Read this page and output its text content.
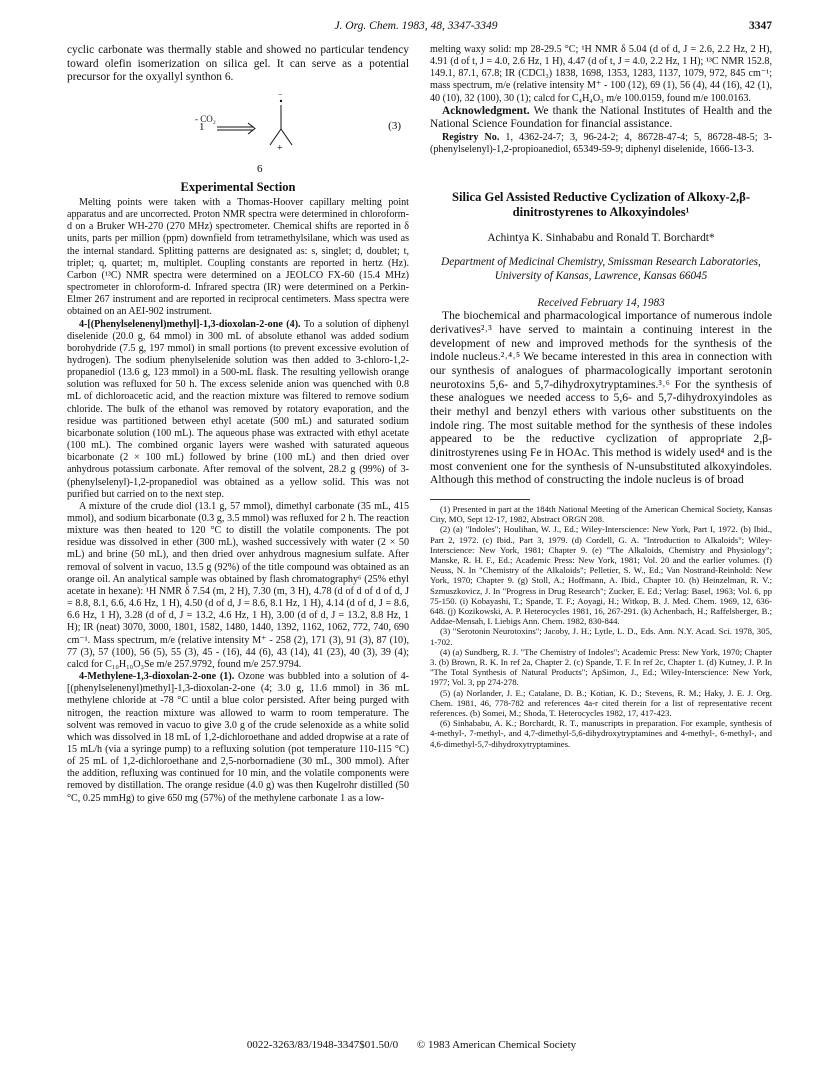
J. Org. Chem. 1983, 48, 3347-3349	3347

cyclic carbonate was thermally stable and showed no particular tendency toward olefin isomerization on silica gel. It can serve as a potential precursor for the oxyallyl synthon 6.

⁻
+
- CO₂
1	(3)
6
Experimental Section

Melting points were taken with a Thomas-Hoover capillary melting point apparatus and are uncorrected. Proton NMR spectra were determined in chloroform-d on a Bruker WH-270 (270 MHz) spectrometer. Chemical shifts are reported in δ units, parts per million (ppm) downfield from tetramethylsilane, which was used as the internal standard. Splitting patterns are designated as: s, singlet; d, doublet; t, triplet; q, quartet; m, multiplet. Coupling constants are reported in hertz (Hz). Carbon (¹³C) NMR spectra were determined on a JEOLCO FX-60 (15.4 MHz) spectrometer in chloroform-d. Infrared spectra (IR) were determined on a Perkin-Elmer 267 instrument and are reported in reciprocal centimeters. Mass spectra were obtained on an AEI-902 instrument.

4-[(Phenylselenenyl)methyl]-1,3-dioxolan-2-one (4). To a solution of diphenyl diselenide (20.0 g, 64 mmol) in 300 mL of absolute ethanol was added sodium borohydride (7.5 g, 197 mmol) in small portions (to prevent excessive evolution of hydrogen). The sodium phenylselenide solution was then added to 3-chloro-1,2-propanediol (13.6 g, 123 mmol) in a 500-mL flask. The resulting yellowish orange solution was refluxed for 50 h. The excess selenide anion was quenched with 0.8 mL of dichloroacetic acid, and the reaction mixture was filtered to remove sodium chloride. The bulk of the ethanol was removed by rotatory evaporation, and the residue was partitioned between ethyl acetate (500 mL) and saturated sodium bicarbonate solution (100 mL). The aqueous phase was extracted with ethyl acetate (100 mL). The combined organic layers were washed with saturated aqueous bicarbonate (2 × 100 mL) followed by brine (100 mL) and then dried over anhydrous potassium carbonate. After removal of the solvent, 28.2 g (99%) of 3-(phenylselenyl)-1,2-propanediol was obtained as a yellow solid. This was not purified but carried on to the next step.

A mixture of the crude diol (13.1 g, 57 mmol), dimethyl carbonate (35 mL, 415 mmol), and sodium bicarbonate (0.3 g, 3.5 mmol) was refluxed for 2 h. The reaction mixture was then heated to 120 °C to distill the volatile components. The pot residue was dissolved in ether (300 mL), washed successively with water (2 × 50 mL) and brine (50 mL), and then dried over anhydrous magnesium sulfate. After removal of solvent in vacuo, 13.5 g (92%) of the title compound was obtained as an orange oil. An analytical sample was obtained by flash chromatography⁶ (25% ethyl acetate in hexane): ¹H NMR δ 7.54 (m, 2 H), 7.30 (m, 3 H), 4.78 (d of d of d of d, J = 8.8, 8.1, 6.6, 4.6 Hz, 1 H), 4.50 (d of d, J = 8.6, 8.1 Hz, 1 H), 4.14 (d of d, J = 8.6, 6.6 Hz, 1 H), 3.28 (d of d, J = 13.2, 4.6 Hz, 1 H), 3.00 (d of d, J = 13.2, 8.8 Hz, 1 H); IR (neat) 3070, 3000, 1801, 1582, 1480, 1440, 1392, 1162, 1062, 772, 740, 690 cm⁻¹. Mass spectrum, m/e (relative intensity M⁺ - 258 (2), 171 (3), 91 (3), 87 (10), 77 (3), 57 (100), 56 (5), 55 (3), 45 - (16), 44 (6), 43 (14), 41 (23), 40 (3), 39 (4); calcd for C₁₀H₁₀O₃Se m/e 257.9792, found m/e 257.9794.

4-Methylene-1,3-dioxolan-2-one (1). Ozone was bubbled into a solution of 4-[(phenylselenenyl)methyl]-1,3-dioxolan-2-one (4; 3.0 g, 11.6 mmol) in 36 mL methylene chloride at -78 °C until a blue color persisted. After being purged with nitrogen, the reaction mixture was allowed to warm to room temperature. The solvent was removed in vacuo to give 3.0 g of the crude selenoxide as a white solid which was dissolved in 18 mL of 1,2-dichloroethane and added dropwise at a rate of 15 mL/h (via a syringe pump) to a refluxing solution (pot temperature 110-115 °C) of 25 mL of 1,2-dichloroethane and 2,5-norbornadiene (30 mL, 300 mmol). After the addition, refluxing was continued for 10 min, and the volatile components were removed by distillation. The orange residue (4.0 g) was then Kugelrohr distilled (50 °C, 0.25 mmHg) to give 650 mg (57%) of the methylene carbonate 1 as a low-

melting waxy solid: mp 28-29.5 °C; ¹H NMR δ 5.04 (d of d, J = 2.6, 2.2 Hz, 2 H), 4.91 (d of t, J = 4.0, 2.6 Hz, 1 H), 4.47 (d of t, J = 4.0, 2.2 Hz, 1 H); ¹³C NMR 152.8, 149.1, 87.1, 67.8; IR (CDCl₃) 1838, 1698, 1353, 1283, 1137, 1079, 972, 845 cm⁻¹; mass spectrum, m/e (relative intensity M⁺ - 100 (12), 69 (1), 56 (4), 44 (16), 42 (1), 40 (10), 32 (100), 30 (1); calcd for C₄H₄O₃ m/e 100.0159, found m/e 100.0163.

Acknowledgment. We thank the National Institutes of Health and the National Science Foundation for financial assistance.

Registry No. 1, 4362-24-7; 3, 96-24-2; 4, 86728-47-4; 5, 86728-48-5; 3-(phenylselenyl)-1,2-propioanediol, 65349-59-9; diphenyl diselenide, 1666-13-3.

Silica Gel Assisted Reductive Cyclization of Alkoxy-2,β-dinitrostyrenes to Alkoxyindoles¹
Achintya K. Sinhababu and Ronald T. Borchardt*
Department of Medicinal Chemistry, Smissman Research Laboratories, University of Kansas, Lawrence, Kansas 66045
Received February 14, 1983

The biochemical and pharmacological importance of numerous indole derivatives²˒³ have served to maintain a continuing interest in the development of new and improved methods for the synthesis of the indole nucleus.²˒⁴˒⁵ We became interested in this area in connection with our synthesis of analogues of pharmacologically important serotonin neurotoxins 5,6- and 5,7-dihydroxytryptamines.³˒⁶ For the synthesis of these analogues we needed access to 5,6- and 5,7-dihydroxyindoles as their methyl and benzyl ethers with various other substituents on the indole ring. The most suitable method for the synthesis of these indoles appeared to be the reductive cyclization of appropriate 2,β-dinitrostyrenes using Fe in HOAc. This method is widely used⁴ and is the most convenient one for the synthesis of N-unsubstituted alkoxyindoles. Although this method of constructing the indole nucleus is of broad

(1) Presented in part at the 184th National Meeting of the American Chemical Society, Kansas City, MO, Sept 12-17, 1982, Abstract ORGN 208.

(2) (a) "Indoles"; Houlihan, W. J., Ed.; Wiley-Interscience: New York, Part I, 1972. (b) Ibid., Part 2, 1972. (c) Ibid., Part 3, 1979. (d) Cordell, G. A. "Introduction to Alkaloids"; Wiley-Interscience: New York, 1981; Chapter 9. (e) "The Alkaloids, Chemistry and Physiology"; Manske, R. H. F., Ed.; Academic Press: New York, 1981; Vol. 20 and the earlier volumes. (f) Neuss, N. In "Chemistry of the Alkaloids"; Pelletier, S. W., Ed.; Van Nostrand-Reinhold: New York, 1970; Chapter 9. (g) Stoll, A.; Hoffmann, A. Ibid., Chapter 10. (h) Heinzelman, R. V.; Szmuszkovicz, J. In "Progress in Drug Research"; Zucker, E. Ed.; Verlag: Basel, 1963; Vol. 6, pp 75-150. (i) Kobayashi, T.; Spande, T. F.; Aoyagi, H.; Witkop, B. J. Med. Chem. 1969, 12, 636-648. (j) Kozikowski, A. P. Heterocycles 1981, 16, 267-291. (k) Achenbach, H.; Raffelsberger, B.; Addae-Mensah, I. Liebigs Ann. Chem. 1982, 830-844.

(3) "Serotonin Neurotoxins"; Jacoby, J. H.; Lytle, L. D., Eds. Ann. N.Y. Acad. Sci. 1978, 305, 1-702.

(4) (a) Sundberg, R. J. "The Chemistry of Indoles"; Academic Press: New York, 1970; Chapter 3. (b) Brown, R. K. In ref 2a, Chapter 2. (c) Spande, T. F. In ref 2c, Chapter 1. (d) Kutney, J. P. In "The Total Synthesis of Natural Products"; ApSimon, J., Ed.; Wiley-Interscience: New York, 1977; Vol. 3, pp 274-278.

(5) (a) Norlander, J. E.; Catalane, D. B.; Kotian, K. D.; Stevens, R. M.; Haky, J. E. J. Org. Chem. 1981, 46, 778-782 and references 4a-r cited therein for a list of representative recent references. (b) Somei, M.; Shoda, T. Heterocycles 1982, 17, 417-423.

(6) Sinhababu, A. K.; Borchardt, R. T., manuscripts in preparation. For example, synthesis of 4-methyl-, 7-methyl-, and 4,7-dimethyl-5,6-dihydroxytryptamines and 4-methyl-, 6-methyl-, and 4,6-dimethyl-5,7-dihydroxytryptamines.

0022-3263/83/1948-3347$01.50/0 © 1983 American Chemical Society
